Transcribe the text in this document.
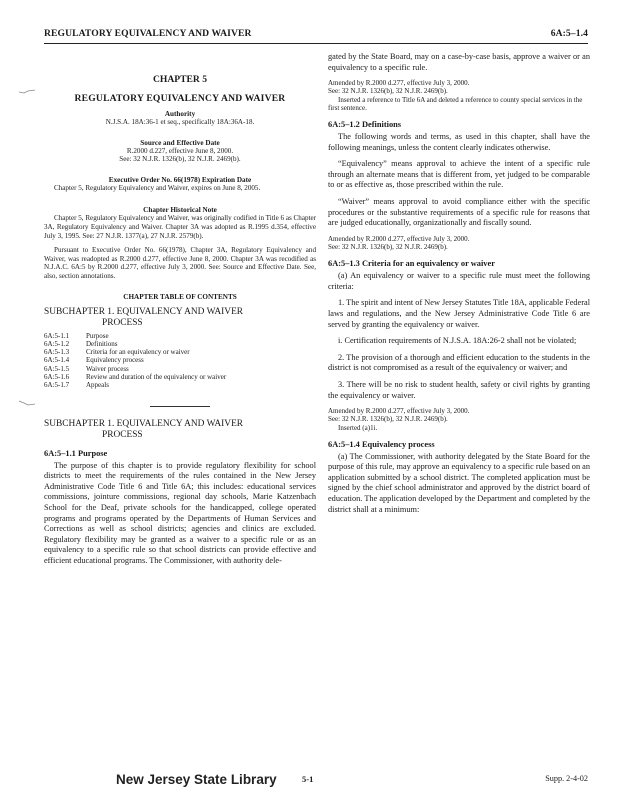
REGULATORY EQUIVALENCY AND WAIVER	6A:5–1.4
CHAPTER 5
REGULATORY EQUIVALENCY AND WAIVER
Authority
N.J.S.A. 18A:36-1 et seq., specifically 18A:36A-18.
Source and Effective Date
R.2000 d.227, effective June 8, 2000.
See: 32 N.J.R. 1326(b), 32 N.J.R. 2469(b).
Executive Order No. 66(1978) Expiration Date
Chapter 5, Regulatory Equivalency and Waiver, expires on June 8, 2005.
Chapter Historical Note
Chapter 5, Regulatory Equivalency and Waiver, was originally codified in Title 6 as Chapter 3A, Regulatory Equivalency and Waiver. Chapter 3A was adopted as R.1995 d.354, effective July 3, 1995. See: 27 N.J.R. 1377(a), 27 N.J.R. 2579(b).
Pursuant to Executive Order No. 66(1978), Chapter 3A, Regulatory Equivalency and Waiver, was readopted as R.2000 d.277, effective June 8, 2000. Chapter 3A was recodified as N.J.A.C. 6A:5 by R.2000 d.277, effective July 3, 2000. See: Source and Effective Date. See, also, section annotations.
CHAPTER TABLE OF CONTENTS
SUBCHAPTER 1. EQUIVALENCY AND WAIVER
PROCESS
6A:5-1.1	Purpose
6A:5-1.2	Definitions
6A:5-1.3	Criteria for an equivalency or waiver
6A:5-1.4	Equivalency process
6A:5-1.5	Waiver process
6A:5-1.6	Review and duration of the equivalency or waiver
6A:5-1.7	Appeals
SUBCHAPTER 1. EQUIVALENCY AND WAIVER
PROCESS
6A:5–1.1 Purpose

The purpose of this chapter is to provide regulatory flexibility for school districts to meet the requirements of the rules contained in the New Jersey Administrative Code Title 6 and Title 6A; this includes: educational services commissions, jointure commissions, regional day schools, Marie Katzenbach School for the Deaf, private schools for the handicapped, college operated programs and programs operated by the Departments of Human Services and Corrections as well as school districts; agencies and clinics are excluded. Regulatory flexibility may be granted as a waiver to a specific rule or as an equivalency to a specific rule so that school districts can provide effective and efficient educational programs. The Commissioner, with authority dele-

gated by the State Board, may on a case-by-case basis, approve a waiver or an equivalency to a specific rule.

Amended by R.2000 d.277, effective July 3, 2000.
See: 32 N.J.R. 1326(b), 32 N.J.R. 2469(b).
Inserted a reference to Title 6A and deleted a reference to county special services in the first sentence.
6A:5–1.2 Definitions

The following words and terms, as used in this chapter, shall have the following meanings, unless the content clearly indicates otherwise.

“Equivalency” means approval to achieve the intent of a specific rule through an alternate means that is different from, yet judged to be comparable to or as effective as, those prescribed within the rule.

“Waiver” means approval to avoid compliance either with the specific procedures or the substantive requirements of a specific rule for reasons that are judged educationally, organizationally and fiscally sound.

Amended by R.2000 d.277, effective July 3, 2000.
See: 32 N.J.R. 1326(b), 32 N.J.R. 2469(b).
6A:5–1.3 Criteria for an equivalency or waiver

(a) An equivalency or waiver to a specific rule must meet the following criteria:

1. The spirit and intent of New Jersey Statutes Title 18A, applicable Federal laws and regulations, and the New Jersey Administrative Code Title 6 are served by granting the equivalency or waiver.

i. Certification requirements of N.J.S.A. 18A:26-2 shall not be violated;

2. The provision of a thorough and efficient education to the students in the district is not compromised as a result of the equivalency or waiver; and

3. There will be no risk to student health, safety or civil rights by granting the equivalency or waiver.

Amended by R.2000 d.277, effective July 3, 2000.
See: 32 N.J.R. 1326(b), 32 N.J.R. 2469(b).
Inserted (a)1i.
6A:5–1.4 Equivalency process

(a) The Commissioner, with authority delegated by the State Board for the purpose of this rule, may approve an equivalency to a specific rule based on an application submitted by a school district. The completed application must be signed by the chief school administrator and approved by the district board of education. The application developed by the Department and completed by the district shall at a minimum:

New Jersey State Library	5-1	Supp. 2-4-02
